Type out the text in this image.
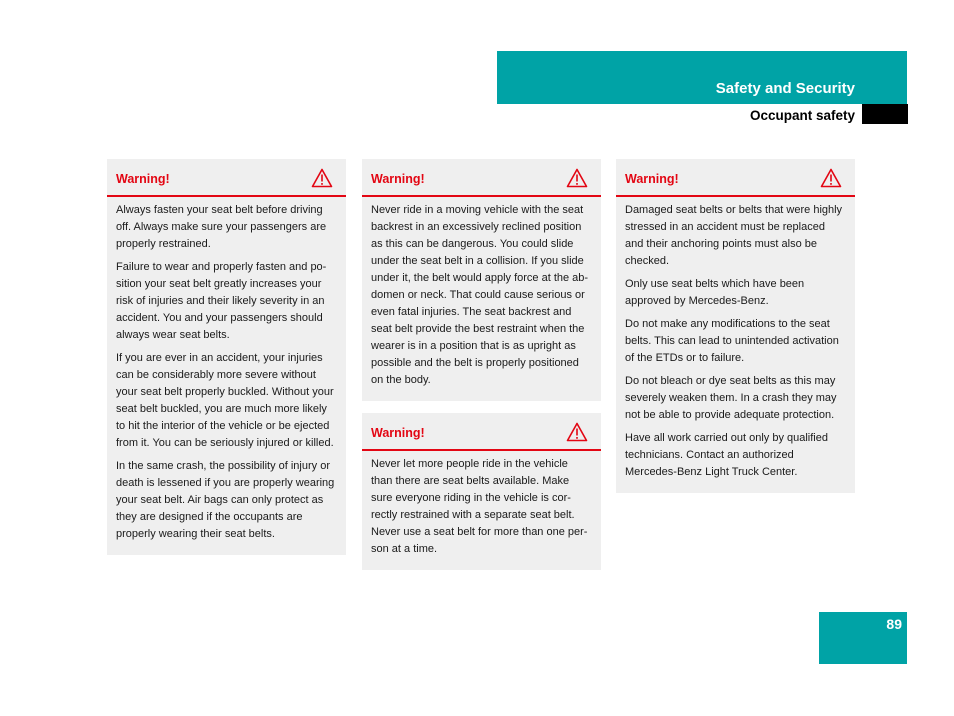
Safety and Security
Occupant safety
Warning!

Always fasten your seat belt before driving off. Always make sure your passengers are properly restrained.

Failure to wear and properly fasten and po-sition your seat belt greatly increases your risk of injuries and their likely severity in an accident. You and your passengers should always wear seat belts.

If you are ever in an accident, your injuries can be considerably more severe without your seat belt properly buckled. Without your seat belt buckled, you are much more likely to hit the interior of the vehicle or be ejected from it. You can be seriously injured or killed.

In the same crash, the possibility of injury or death is lessened if you are properly wearing your seat belt. Air bags can only protect as they are designed if the occupants are properly wearing their seat belts.

Warning!

Never ride in a moving vehicle with the seat backrest in an excessively reclined position as this can be dangerous. You could slide under the seat belt in a collision. If you slide under it, the belt would apply force at the ab-domen or neck. That could cause serious or even fatal injuries. The seat backrest and seat belt provide the best restraint when the wearer is in a position that is as upright as possible and the belt is properly positioned on the body.

Warning!

Never let more people ride in the vehicle than there are seat belts available. Make sure everyone riding in the vehicle is cor-rectly restrained with a separate seat belt. Never use a seat belt for more than one per-son at a time.

Warning!

Damaged seat belts or belts that were highly stressed in an accident must be replaced and their anchoring points must also be checked.

Only use seat belts which have been approved by Mercedes-Benz.

Do not make any modifications to the seat belts. This can lead to unintended activation of the ETDs or to failure.

Do not bleach or dye seat belts as this may severely weaken them. In a crash they may not be able to provide adequate protection.

Have all work carried out only by qualified technicians. Contact an authorized Mercedes-Benz Light Truck Center.

89
